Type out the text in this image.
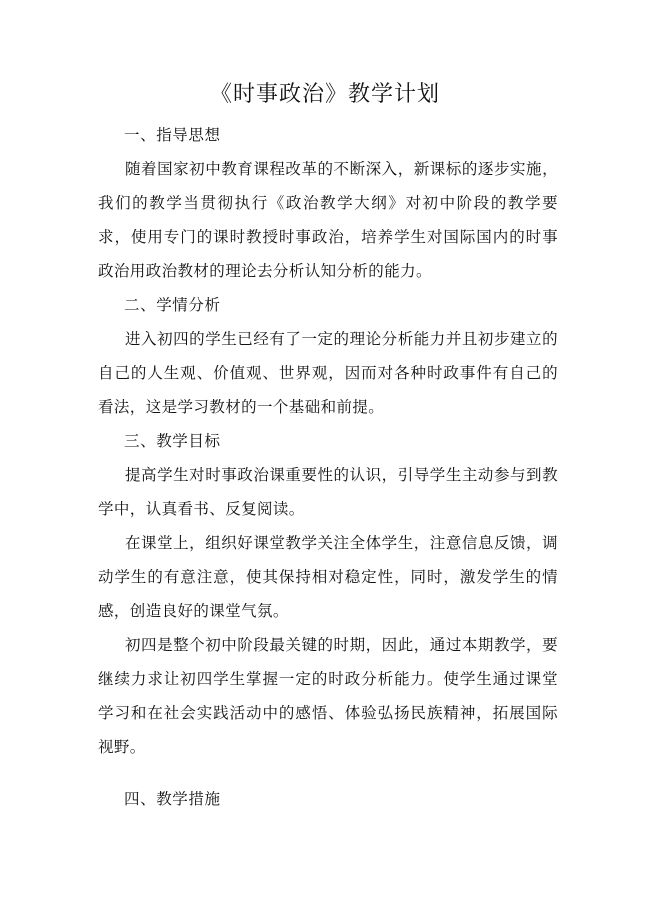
《时事政治》教学计划
一、指导思想
随着国家初中教育课程改革的不断深入，新课标的逐步实施，我们的教学当贯彻执行《政治教学大纲》对初中阶段的教学要求，使用专门的课时教授时事政治，培养学生对国际国内的时事政治用政治教材的理论去分析认知分析的能力。
二、学情分析
进入初四的学生已经有了一定的理论分析能力并且初步建立的自己的人生观、价值观、世界观，因而对各种时政事件有自己的看法，这是学习教材的一个基础和前提。
三、教学目标
提高学生对时事政治课重要性的认识，引导学生主动参与到教学中，认真看书、反复阅读。
在课堂上，组织好课堂教学关注全体学生，注意信息反馈，调动学生的有意注意，使其保持相对稳定性，同时，激发学生的情感，创造良好的课堂气氛。
初四是整个初中阶段最关键的时期，因此，通过本期教学，要继续力求让初四学生掌握一定的时政分析能力。使学生通过课堂学习和在社会实践活动中的感悟、体验弘扬民族精神，拓展国际视野。
四、教学措施
